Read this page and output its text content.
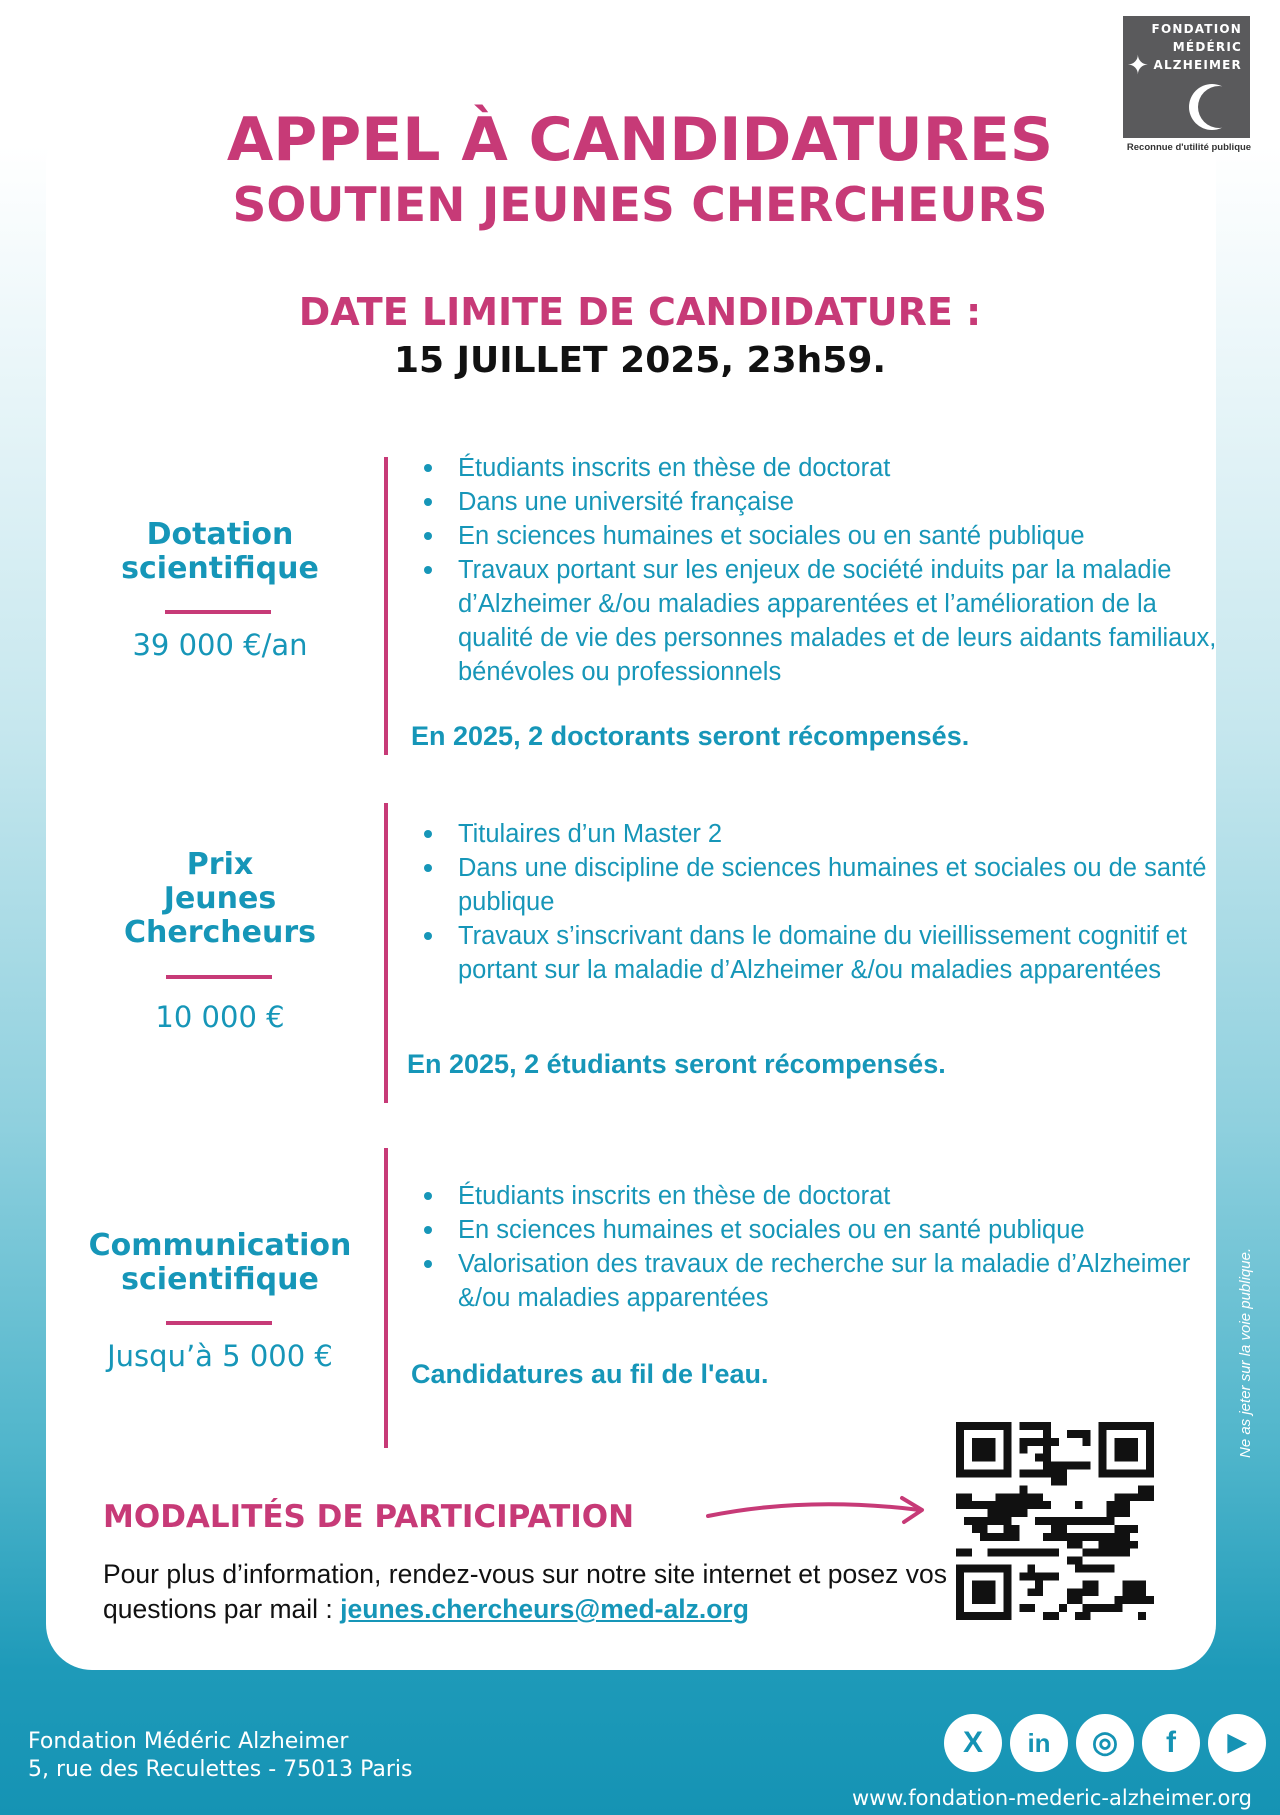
FONDATION
MÉDÉRIC
ALZHEIMER
✦
Reconnue d'utilité publique
APPEL À CANDIDATURES
SOUTIEN JEUNES CHERCHEURS
DATE LIMITE DE CANDIDATURE :
15 JUILLET 2025, 23h59.
Dotation
scientifique
39 000 €/an
Étudiants inscrits en thèse de doctorat
Dans une université française
En sciences humaines et sociales ou en santé publique
Travaux portant sur les enjeux de société induits par la maladie d’Alzheimer &/ou maladies apparentées et l’amélioration de la qualité de vie des personnes malades et de leurs aidants familiaux, bénévoles ou professionnels
En 2025, 2 doctorants seront récompensés.
Prix
Jeunes
Chercheurs
10 000 €
Titulaires d’un Master 2
Dans une discipline de sciences humaines et sociales ou de santé publique
Travaux s’inscrivant dans le domaine du vieillissement cognitif et portant sur la maladie d’Alzheimer &/ou maladies apparentées
En 2025, 2 étudiants seront récompensés.
Communication
scientifique
Jusqu’à 5 000 €
Étudiants inscrits en thèse de doctorat
En sciences humaines et sociales ou en santé publique
Valorisation des travaux de recherche sur la maladie d’Alzheimer &/ou maladies apparentées
Candidatures au fil de l'eau.
MODALITÉS DE PARTICIPATION
Pour plus d’information, rendez-vous sur notre site internet et posez vos questions par mail : jeunes.chercheurs@med-alz.org
Ne as jeter sur la voie publique.
Fondation Médéric Alzheimer
5, rue des Reculettes - 75013 Paris
X	in	◎	f	▶
www.fondation-mederic-alzheimer.org
